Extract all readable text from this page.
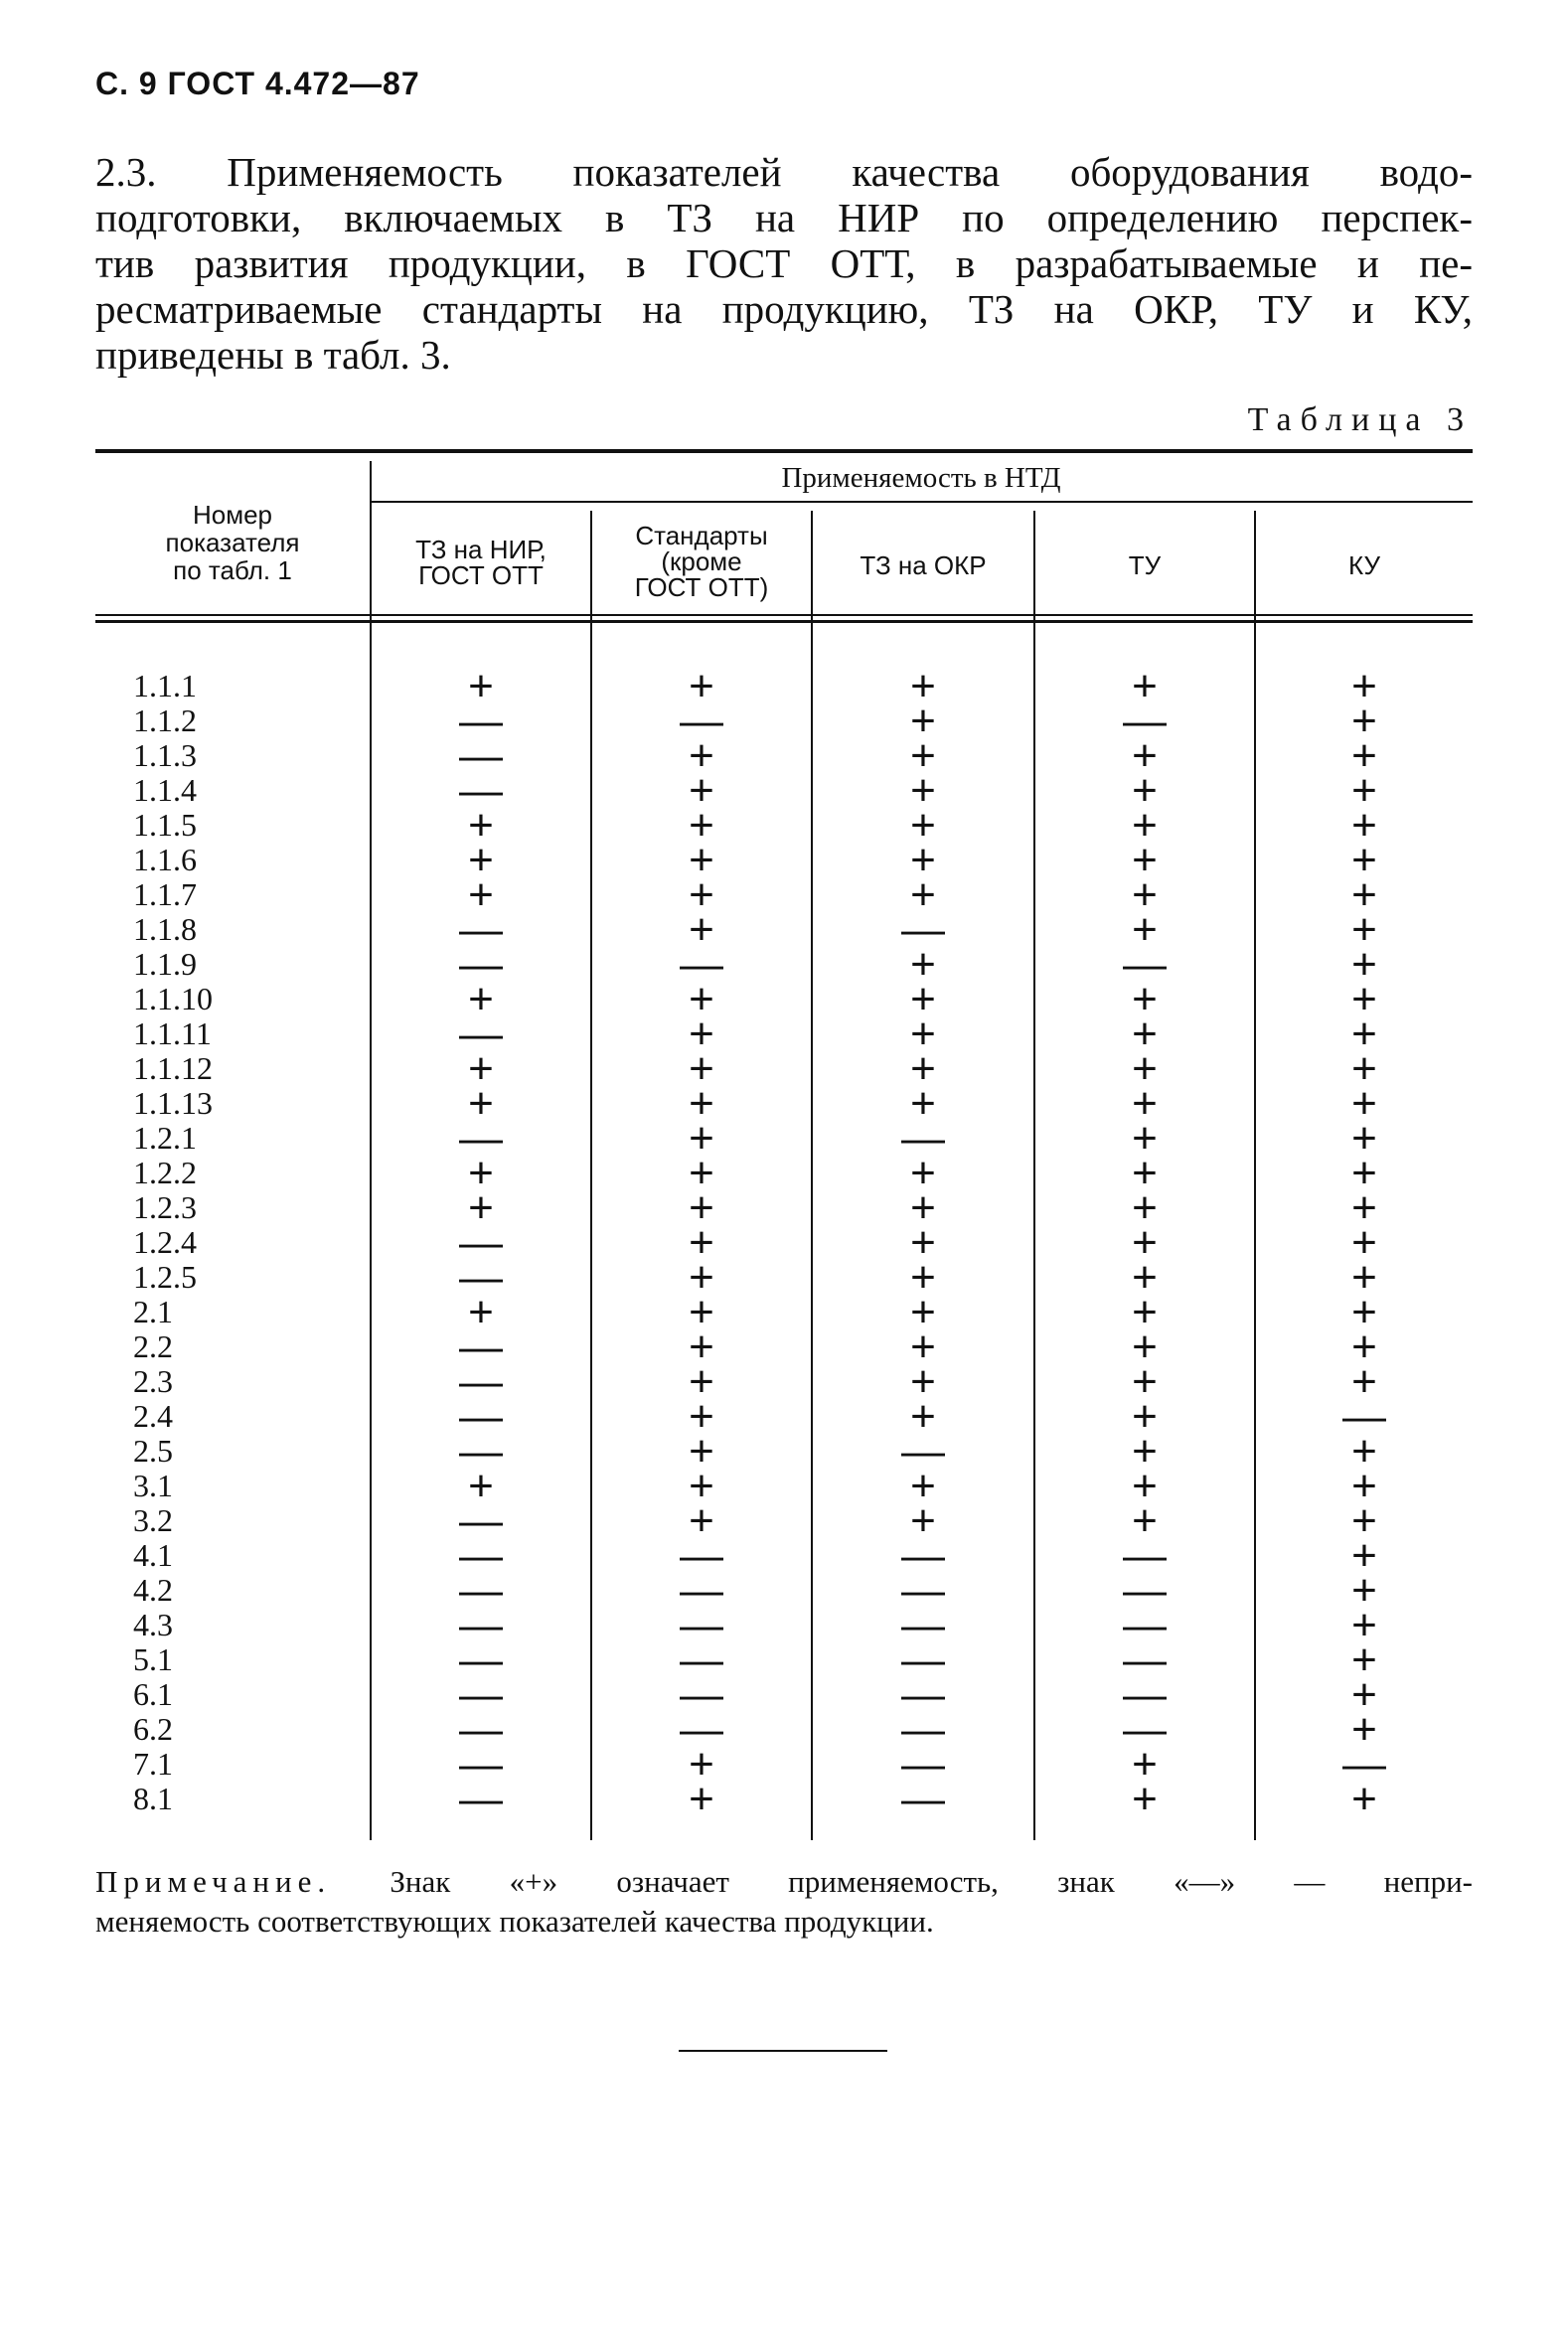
С. 9 ГОСТ 4.472—87
2.3. Применяемость показателей качества оборудования водо-
подготовки, включаемых в ТЗ на НИР по определению перспек-
тив развития продукции, в ГОСТ ОТТ, в разрабатываемые и пе-
ресматриваемые стандарты на продукцию, ТЗ на ОКР, ТУ и КУ,
приведены в табл. 3.
Таблица 3
Номер
показателя
по табл. 1
Применяемость в НТД
ТЗ на НИР,
ГОСТ ОТТ
Стандарты
(кроме
ГОСТ ОТТ)
ТЗ на ОКР	ТУ	КУ
1.1.1
1.1.2
1.1.3
1.1.4
1.1.5
1.1.6
1.1.7
1.1.8
1.1.9
1.1.10
1.1.11
1.1.12
1.1.13
1.2.1
1.2.2
1.2.3
1.2.4
1.2.5
2.1
2.2
2.3
2.4
2.5
3.1
3.2
4.1
4.2
4.3
5.1
6.1
6.2
7.1
8.1
+
—
—
—
+
+
+
—
—
+
—
+
+
—
+
+
—
—
+
—
—
—
—
+
—
—
—
—
—
—
—
—
—
+
—
+
+
+
+
+
+
—
+
+
+
+
+
+
+
+
+
+
+
+
+
+
+
+
—
—
—
—
—
—
+
+
+
+
+
+
+
+
+
—
+
+
+
+
+
—
+
+
+
+
+
+
+
+
—
+
+
—
—
—
—
—
—
—
—
+
—
+
+
+
+
+
+
—
+
+
+
+
+
+
+
+
+
+
+
+
+
+
+
+
—
—
—
—
—
—
+
+
+
+
+
+
+
+
+
+
+
+
+
+
+
+
+
+
+
+
+
+
+
—
+
+
+
+
+
+
+
+
+
—
+
Примечание. Знак «+» означает применяемость, знак «—» — непри-
меняемость соответствующих показателей качества продукции.
